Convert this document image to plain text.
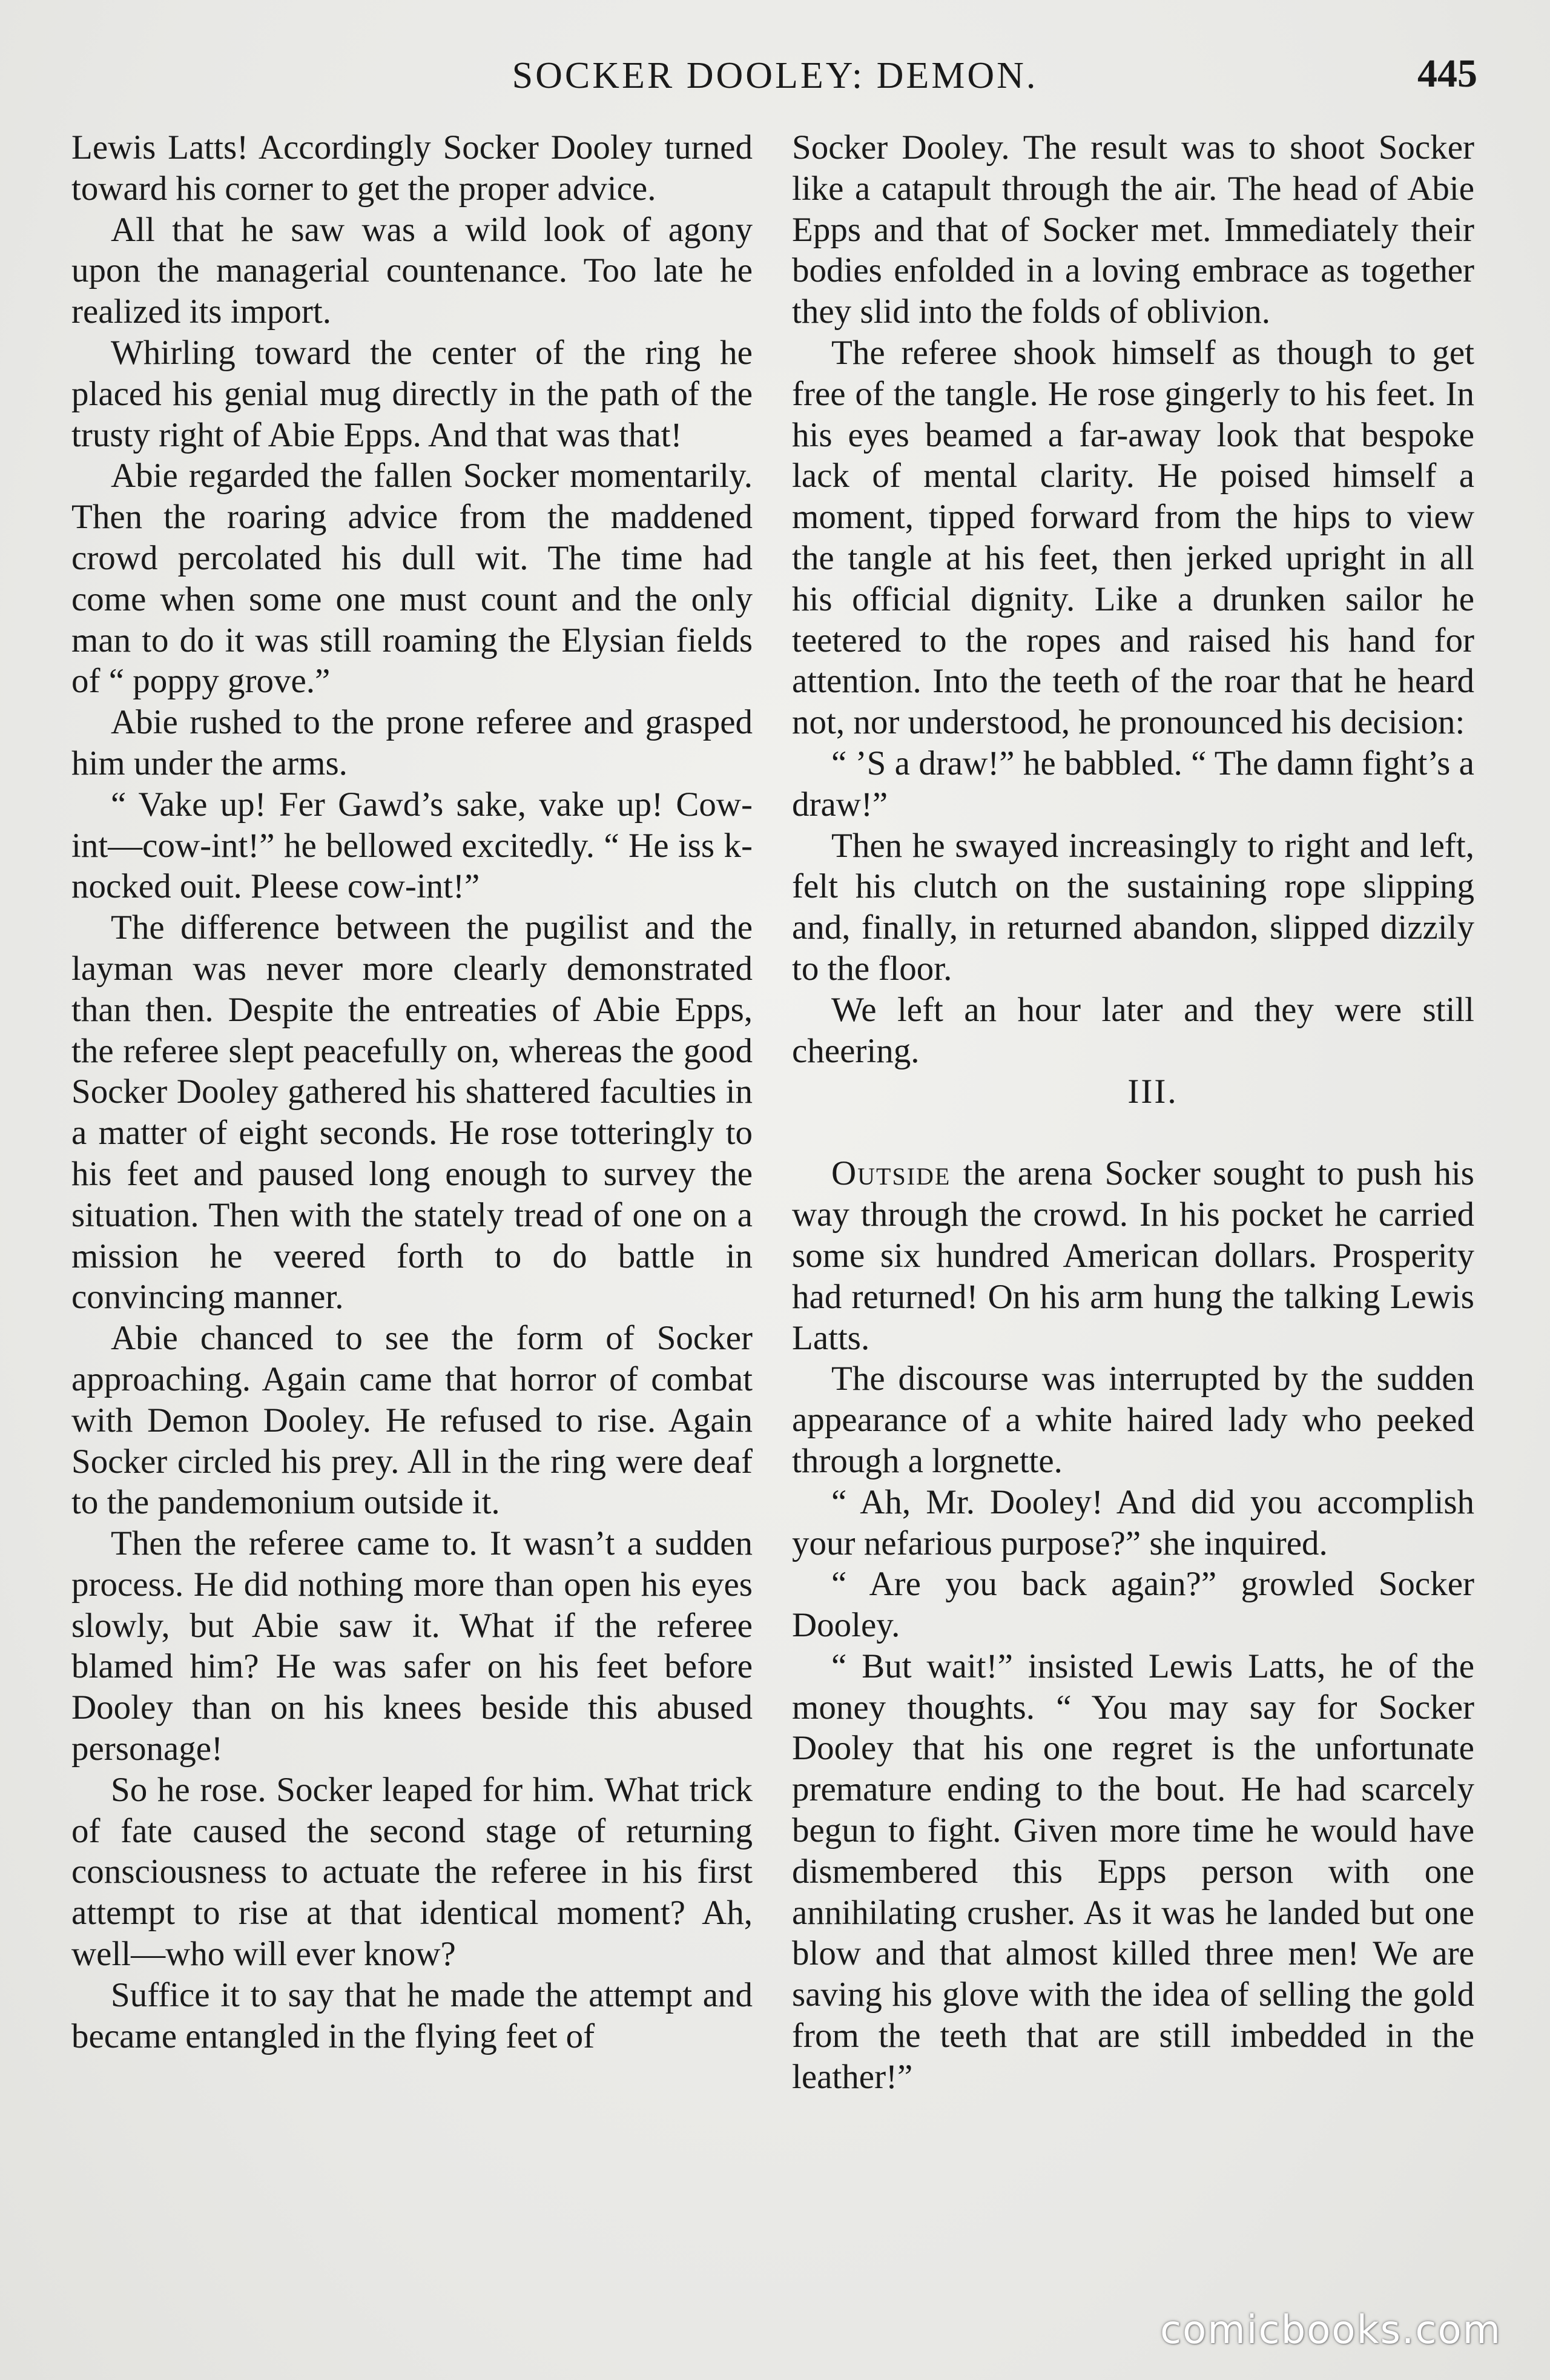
SOCKER DOOLEY: DEMON.	445

Lewis Latts! Accordingly Socker Dooley turned toward his corner to get the proper advice.

All that he saw was a wild look of agony upon the managerial countenance. Too late he realized its import.

Whirling toward the center of the ring he placed his genial mug directly in the path of the trusty right of Abie Epps. And that was that!

Abie regarded the fallen Socker momentarily. Then the roaring advice from the maddened crowd percolated his dull wit. The time had come when some one must count and the only man to do it was still roaming the Elysian fields of “ poppy grove.”

Abie rushed to the prone referee and grasped him under the arms.

“ Vake up! Fer Gawd’s sake, vake up! Cow-int—cow-int!” he bellowed excitedly. “ He iss k-nocked ouit. Pleese cow-int!”

The difference between the pugilist and the layman was never more clearly demonstrated than then. Despite the entreaties of Abie Epps, the referee slept peacefully on, whereas the good Socker Dooley gathered his shattered faculties in a matter of eight seconds. He rose totteringly to his feet and paused long enough to survey the situation. Then with the stately tread of one on a mission he veered forth to do battle in convincing manner.

Abie chanced to see the form of Socker approaching. Again came that horror of combat with Demon Dooley. He refused to rise. Again Socker circled his prey. All in the ring were deaf to the pandemonium outside it.

Then the referee came to. It wasn’t a sudden process. He did nothing more than open his eyes slowly, but Abie saw it. What if the referee blamed him? He was safer on his feet before Dooley than on his knees beside this abused personage!

So he rose. Socker leaped for him. What trick of fate caused the second stage of returning consciousness to actuate the referee in his first attempt to rise at that identical moment? Ah, well—who will ever know?

Suffice it to say that he made the attempt and became entangled in the flying feet of

Socker Dooley. The result was to shoot Socker like a catapult through the air. The head of Abie Epps and that of Socker met. Immediately their bodies enfolded in a loving embrace as together they slid into the folds of oblivion.

The referee shook himself as though to get free of the tangle. He rose gingerly to his feet. In his eyes beamed a far-away look that bespoke lack of mental clarity. He poised himself a moment, tipped forward from the hips to view the tangle at his feet, then jerked upright in all his official dignity. Like a drunken sailor he teetered to the ropes and raised his hand for attention. Into the teeth of the roar that he heard not, nor understood, he pronounced his decision:

“ ’S a draw!” he babbled. “ The damn fight’s a draw!”

Then he swayed increasingly to right and left, felt his clutch on the sustaining rope slipping and, finally, in returned abandon, slipped dizzily to the floor.

We left an hour later and they were still cheering.

III.

Outside the arena Socker sought to push his way through the crowd. In his pocket he carried some six hundred American dollars. Prosperity had returned! On his arm hung the talking Lewis Latts.

The discourse was interrupted by the sudden appearance of a white haired lady who peeked through a lorgnette.

“ Ah, Mr. Dooley! And did you accomplish your nefarious purpose?” she inquired.

“ Are you back again?” growled Socker Dooley.

“ But wait!” insisted Lewis Latts, he of the money thoughts. “ You may say for Socker Dooley that his one regret is the unfortunate premature ending to the bout. He had scarcely begun to fight. Given more time he would have dismembered this Epps person with one annihilating crusher. As it was he landed but one blow and that almost killed three men! We are saving his glove with the idea of selling the gold from the teeth that are still imbedded in the leather!”

comicbooks.com
